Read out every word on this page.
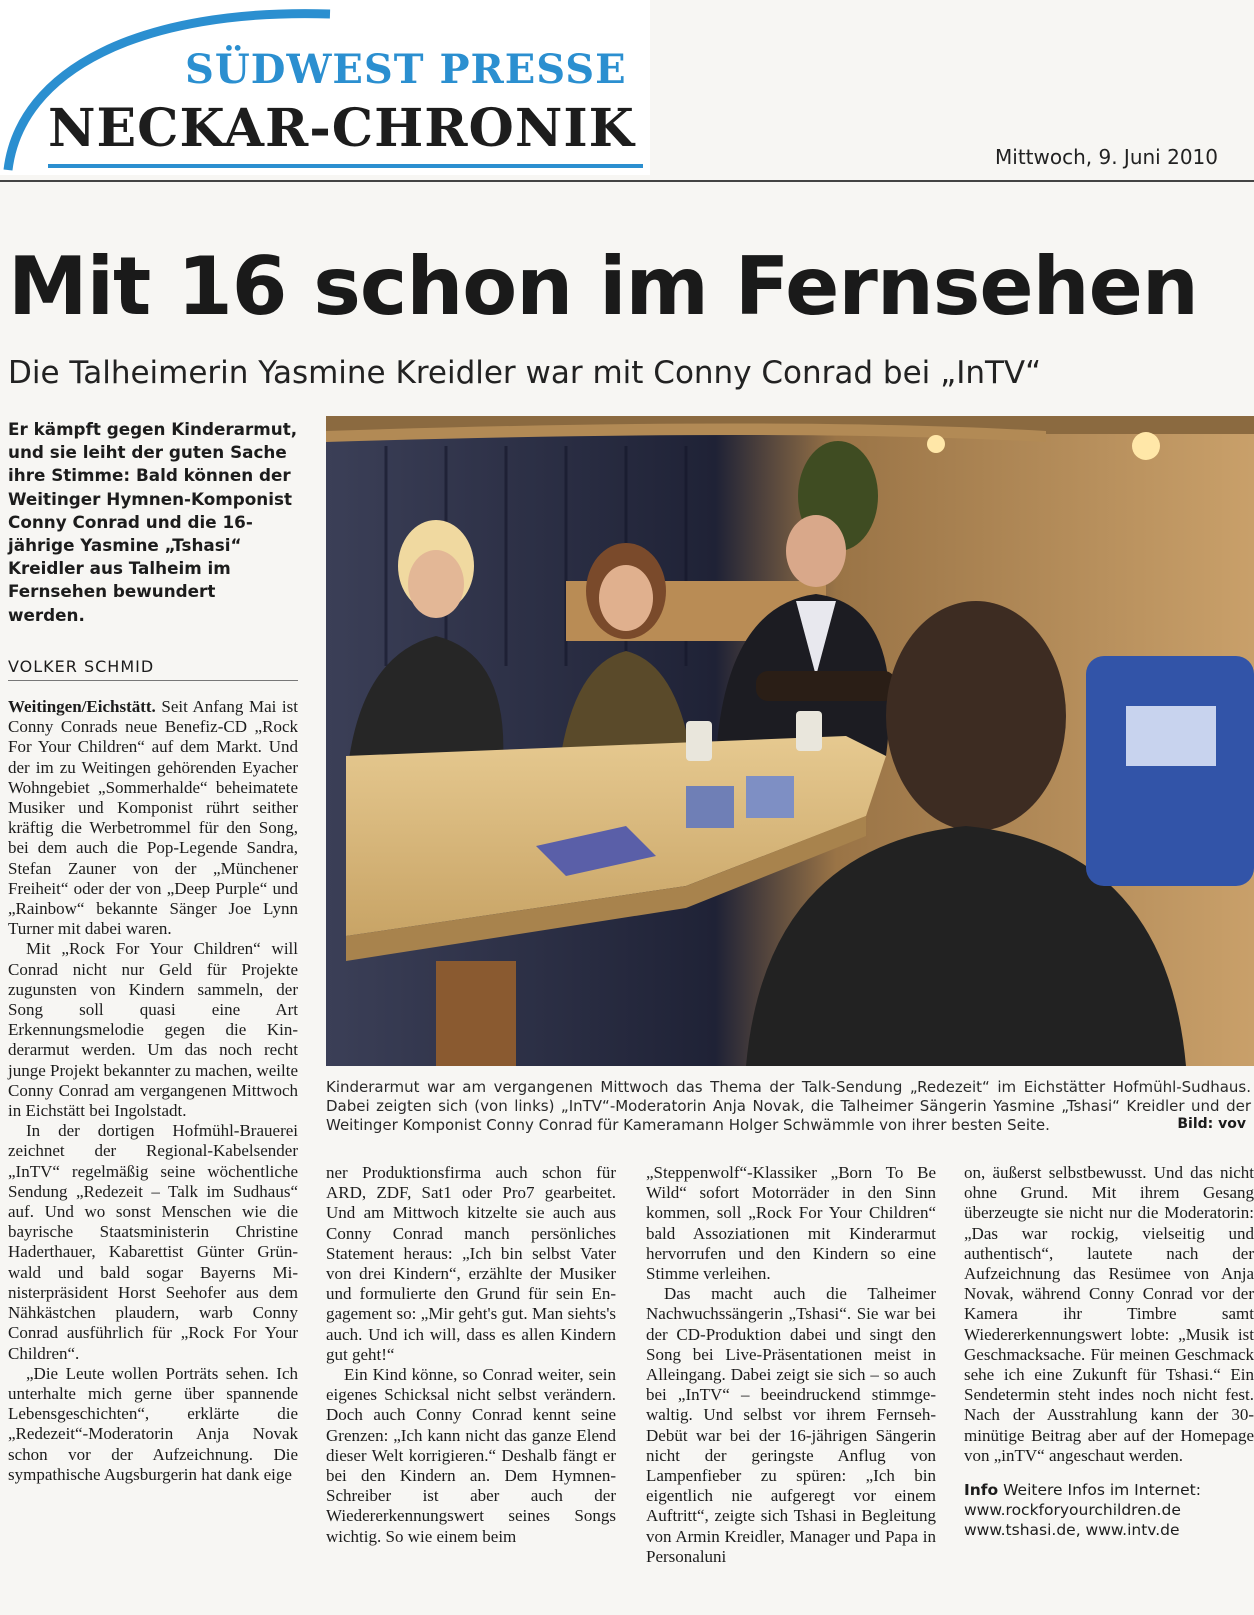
SÜDWEST PRESSE
NECKAR-CHRONIK	Mittwoch, 9. Juni 2010
Mit 16 schon im Fernsehen
Die Talheimerin Yasmine Kreidler war mit Conny Conrad bei „InTV“
Er kämpft gegen Kinderarmut, und sie leiht der guten Sache ihre Stimme: Bald können der Weitinger Hymnen-Komponist Conny Conrad und die 16-jährige Yasmine „Tshasi“ Kreidler aus Talheim im Fernsehen bewundert werden.
VOLKER SCHMID

Weitingen/Eichstätt. Seit Anfang Mai ist Conny Conrads neue Benefiz-CD „Rock For Your Children“ auf dem Markt. Und der im zu Weitingen gehörenden Eyacher Wohngebiet „Sommerhalde“ beheimatete Musiker und Komponist rührt seither kräftig die Werbetrommel für den Song, bei dem auch die Pop-Legende Sandra, Stefan Zauner von der „Münchener Freiheit“ oder der von „Deep Purple“ und „Rainbow“ bekannte Sänger Joe Lynn Turner mit dabei waren.

Mit „Rock For Your Children“ will Conrad nicht nur Geld für Projekte zugunsten von Kindern sammeln, der Song soll quasi eine Art Erkennungsmelodie gegen die Kinderarmut werden. Um das noch recht junge Projekt bekannter zu machen, weilte Conny Conrad am vergangenen Mittwoch in Eichstätt bei Ingolstadt.

In der dortigen Hofmühl-Brauerei zeichnet der Regional-Kabelsender „InTV“ regelmäßig seine wöchentliche Sendung „Redezeit – Talk im Sudhaus“ auf. Und wo sonst Menschen wie die bayrische Staatsministerin Christine Haderthauer, Kabarettist Günter Grünwald und bald sogar Bayerns Ministerpräsident Horst Seehofer aus dem Nähkästchen plaudern, warb Conny Conrad ausführlich für „Rock For Your Children“.

„Die Leute wollen Porträts sehen. Ich unterhalte mich gerne über spannende Lebensgeschichten“, erklärte die „Redezeit“-Moderatorin Anja Novak schon vor der Aufzeichnung. Die sympathische Augsburgerin hat dank eige

Kinderarmut war am vergangenen Mittwoch das Thema der Talk-Sendung „Redezeit“ im Eichstätter Hofmühl-Sudhaus. Dabei zeigten sich (von links) „InTV“-Moderatorin Anja Novak, die Talheimer Sängerin Yasmine „Tshasi“ Kreidler und der Weitinger Komponist Conny Conrad für Kameramann Holger Schwämmle von ihrer besten Seite.	Bild: vov

ner Produktionsfirma auch schon für ARD, ZDF, Sat1 oder Pro7 gearbeitet. Und am Mittwoch kitzelte sie auch aus Conny Conrad manch persönliches Statement heraus: „Ich bin selbst Vater von drei Kindern“, erzählte der Musiker und formulierte den Grund für sein Engagement so: „Mir geht's gut. Man siehts's auch. Und ich will, dass es allen Kindern gut geht!“

Ein Kind könne, so Conrad weiter, sein eigenes Schicksal nicht selbst verändern. Doch auch Conny Conrad kennt seine Grenzen: „Ich kann nicht das ganze Elend dieser Welt korrigieren.“ Deshalb fängt er bei den Kindern an. Dem Hymnen-Schreiber ist aber auch der Wiedererkennungswert seines Songs wichtig. So wie einem beim

„Steppenwolf“-Klassiker „Born To Be Wild“ sofort Motorräder in den Sinn kommen, soll „Rock For Your Children“ bald Assoziationen mit Kinderarmut hervorrufen und den Kindern so eine Stimme verleihen.

Das macht auch die Talheimer Nachwuchssängerin „Tshasi“. Sie war bei der CD-Produktion dabei und singt den Song bei Live-Präsentationen meist in Alleingang. Dabei zeigt sie sich – so auch bei „InTV“ – beeindruckend stimmgewaltig. Und selbst vor ihrem Fernseh-Debüt war bei der 16-jährigen Sängerin nicht der geringste Anflug von Lampenfieber zu spüren: „Ich bin eigentlich nie aufgeregt vor einem Auftritt“, zeigte sich Tshasi in Begleitung von Armin Kreidler, Manager und Papa in Personaluni

on, äußerst selbstbewusst. Und das nicht ohne Grund. Mit ihrem Gesang überzeugte sie nicht nur die Moderatorin: „Das war rockig, vielseitig und authentisch“, lautete nach der Aufzeichnung das Resümee von Anja Novak, während Conny Conrad vor der Kamera ihr Timbre samt Wiedererkennungswert lobte: „Musik ist Geschmacksache. Für meinen Geschmack sehe ich eine Zukunft für Tshasi.“ Ein Sendetermin steht indes noch nicht fest. Nach der Ausstrahlung kann der 30-minütige Beitrag aber auf der Homepage von „inTV“ angeschaut werden.

Info Weitere Infos im Internet:
www.rockforyourchildren.de
www.tshasi.de, www.intv.de
